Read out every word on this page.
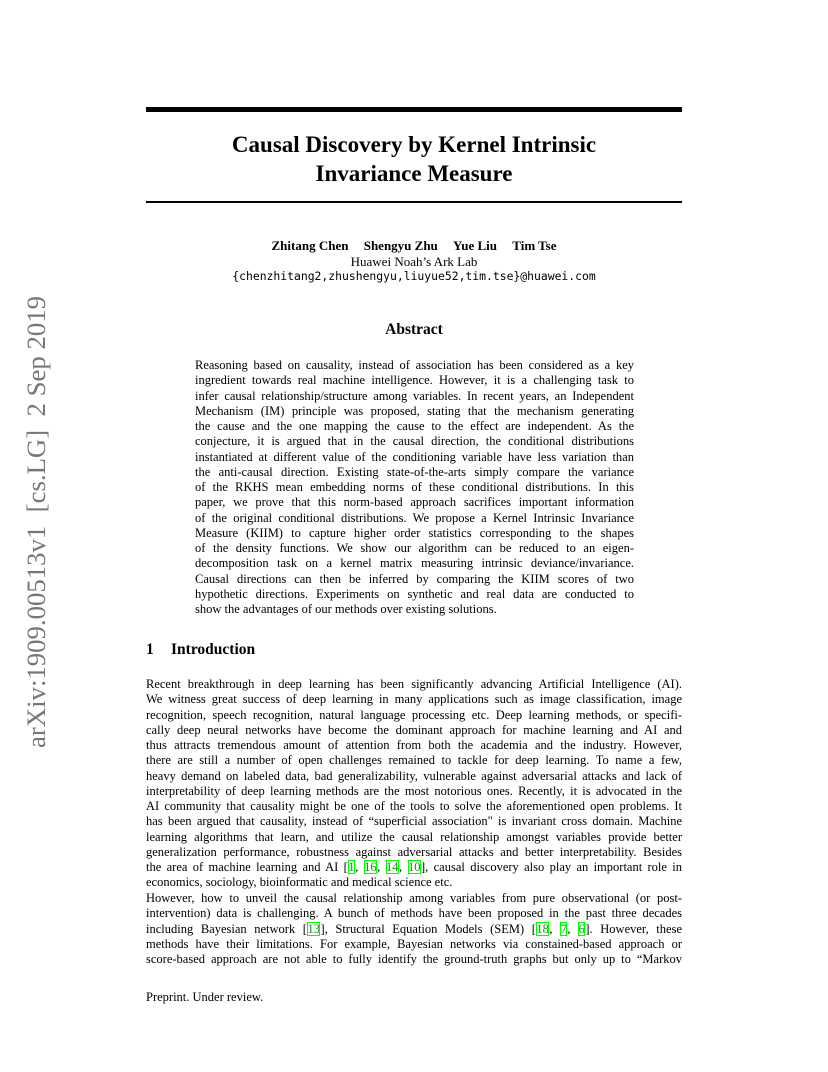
Causal Discovery by Kernel Intrinsic
Invariance Measure
Zhitang Chen Shengyu Zhu Yue Liu Tim Tse
Huawei Noah’s Ark Lab
{chenzhitang2,zhushengyu,liuyue52,tim.tse}@huawei.com
arXiv:1909.00513v1  [cs.LG]  2 Sep 2019	Abstract
Reasoning based on causality, instead of association has been considered as a key
ingredient towards real machine intelligence. However, it is a challenging task to
infer causal relationship/structure among variables. In recent years, an Independent
Mechanism (IM) principle was proposed, stating that the mechanism generating
the cause and the one mapping the cause to the effect are independent. As the
conjecture, it is argued that in the causal direction, the conditional distributions
instantiated at different value of the conditioning variable have less variation than
the anti-causal direction. Existing state-of-the-arts simply compare the variance
of the RKHS mean embedding norms of these conditional distributions. In this
paper, we prove that this norm-based approach sacrifices important information
of the original conditional distributions. We propose a Kernel Intrinsic Invariance
Measure (KIIM) to capture higher order statistics corresponding to the shapes
of the density functions. We show our algorithm can be reduced to an eigen-
decomposition task on a kernel matrix measuring intrinsic deviance/invariance.
Causal directions can then be inferred by comparing the KIIM scores of two
hypothetic directions. Experiments on synthetic and real data are conducted to
show the advantages of our methods over existing solutions.
1 Introduction
Recent breakthrough in deep learning has been significantly advancing Artificial Intelligence (AI).
We witness great success of deep learning in many applications such as image classification, image
recognition, speech recognition, natural language processing etc. Deep learning methods, or specifi-
cally deep neural networks have become the dominant approach for machine learning and AI and
thus attracts tremendous amount of attention from both the academia and the industry. However,
there are still a number of open challenges remained to tackle for deep learning. To name a few,
heavy demand on labeled data, bad generalizability, vulnerable against adversarial attacks and lack of
interpretability of deep learning methods are the most notorious ones. Recently, it is advocated in the
AI community that causality might be one of the tools to solve the aforementioned open problems. It
has been argued that causality, instead of “superficial association" is invariant cross domain. Machine
learning algorithms that learn, and utilize the causal relationship amongst variables provide better
generalization performance, robustness against adversarial attacks and better interpretability. Besides
the area of machine learning and AI [1, 16, 14, 10], causal discovery also play an important role in
economics, sociology, bioinformatic and medical science etc.
However, how to unveil the causal relationship among variables from pure observational (or post-
intervention) data is challenging. A bunch of methods have been proposed in the past three decades
including Bayesian network [13], Structural Equation Models (SEM) [18, 7, 6]. However, these
methods have their limitations. For example, Bayesian networks via constained-based approach or
score-based approach are not able to fully identify the ground-truth graphs but only up to “Markov
Preprint. Under review.
